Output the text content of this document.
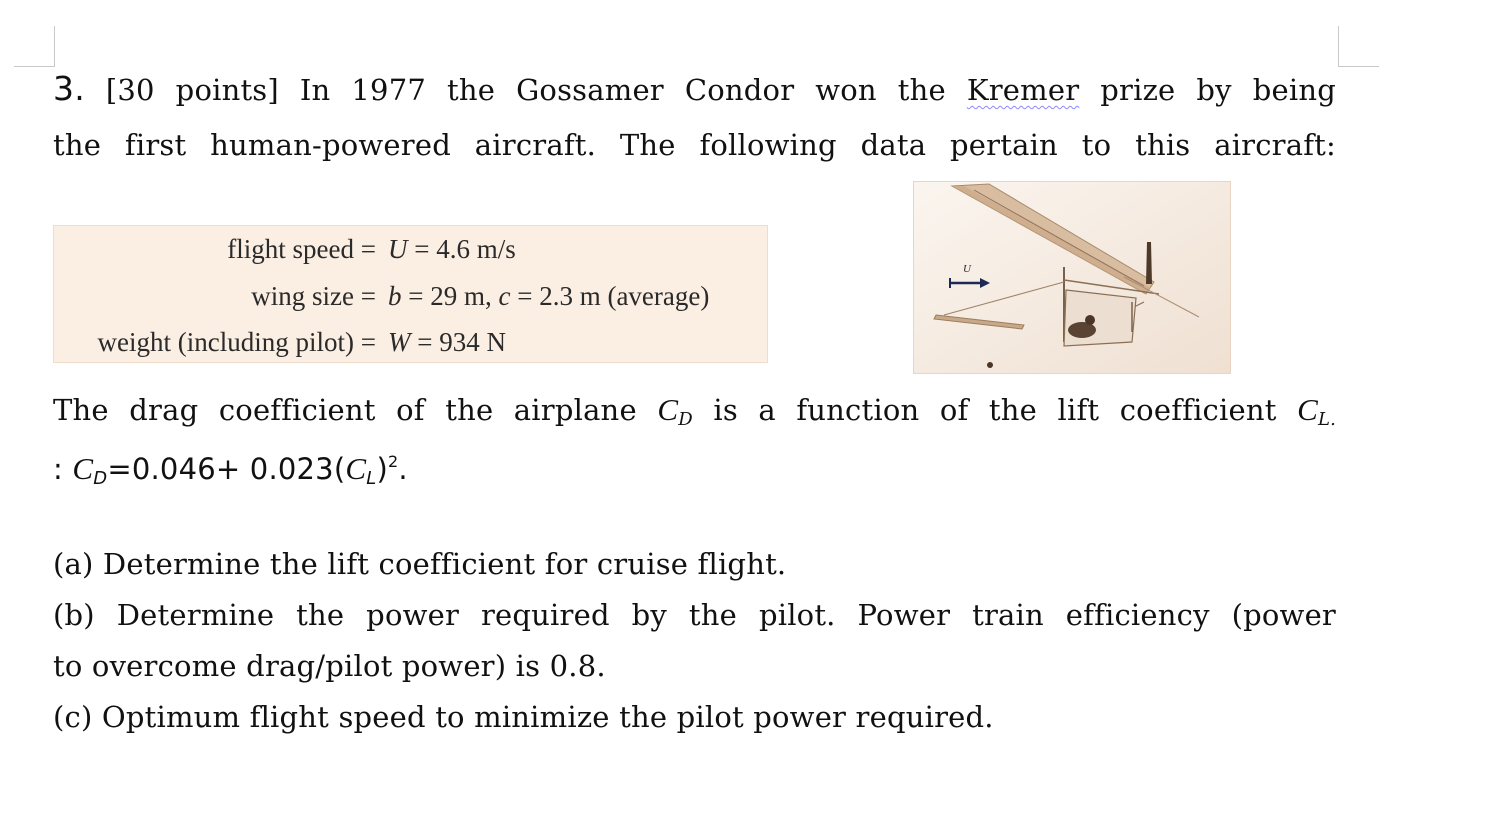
3. [30 points] In 1977 the Gossamer Condor won the Kremer prize by being
the first human-powered aircraft. The following data pertain to this aircraft:
flight speed = U = 4.6 m/s
wing size = b = 29 m, c = 2.3 m (average)
weight (including pilot) = W = 934 N
U
The drag coefficient of the airplane $C_D$ is a function of the lift coefficient $C_{L.}$
: $C_D=0.046+ 0.023(C_L)^2$.
(a) Determine the lift coefficient for cruise flight.
(b) Determine the power required by the pilot. Power train efficiency (power
to overcome drag/pilot power) is 0.8.
(c) Optimum flight speed to minimize the pilot power required.
